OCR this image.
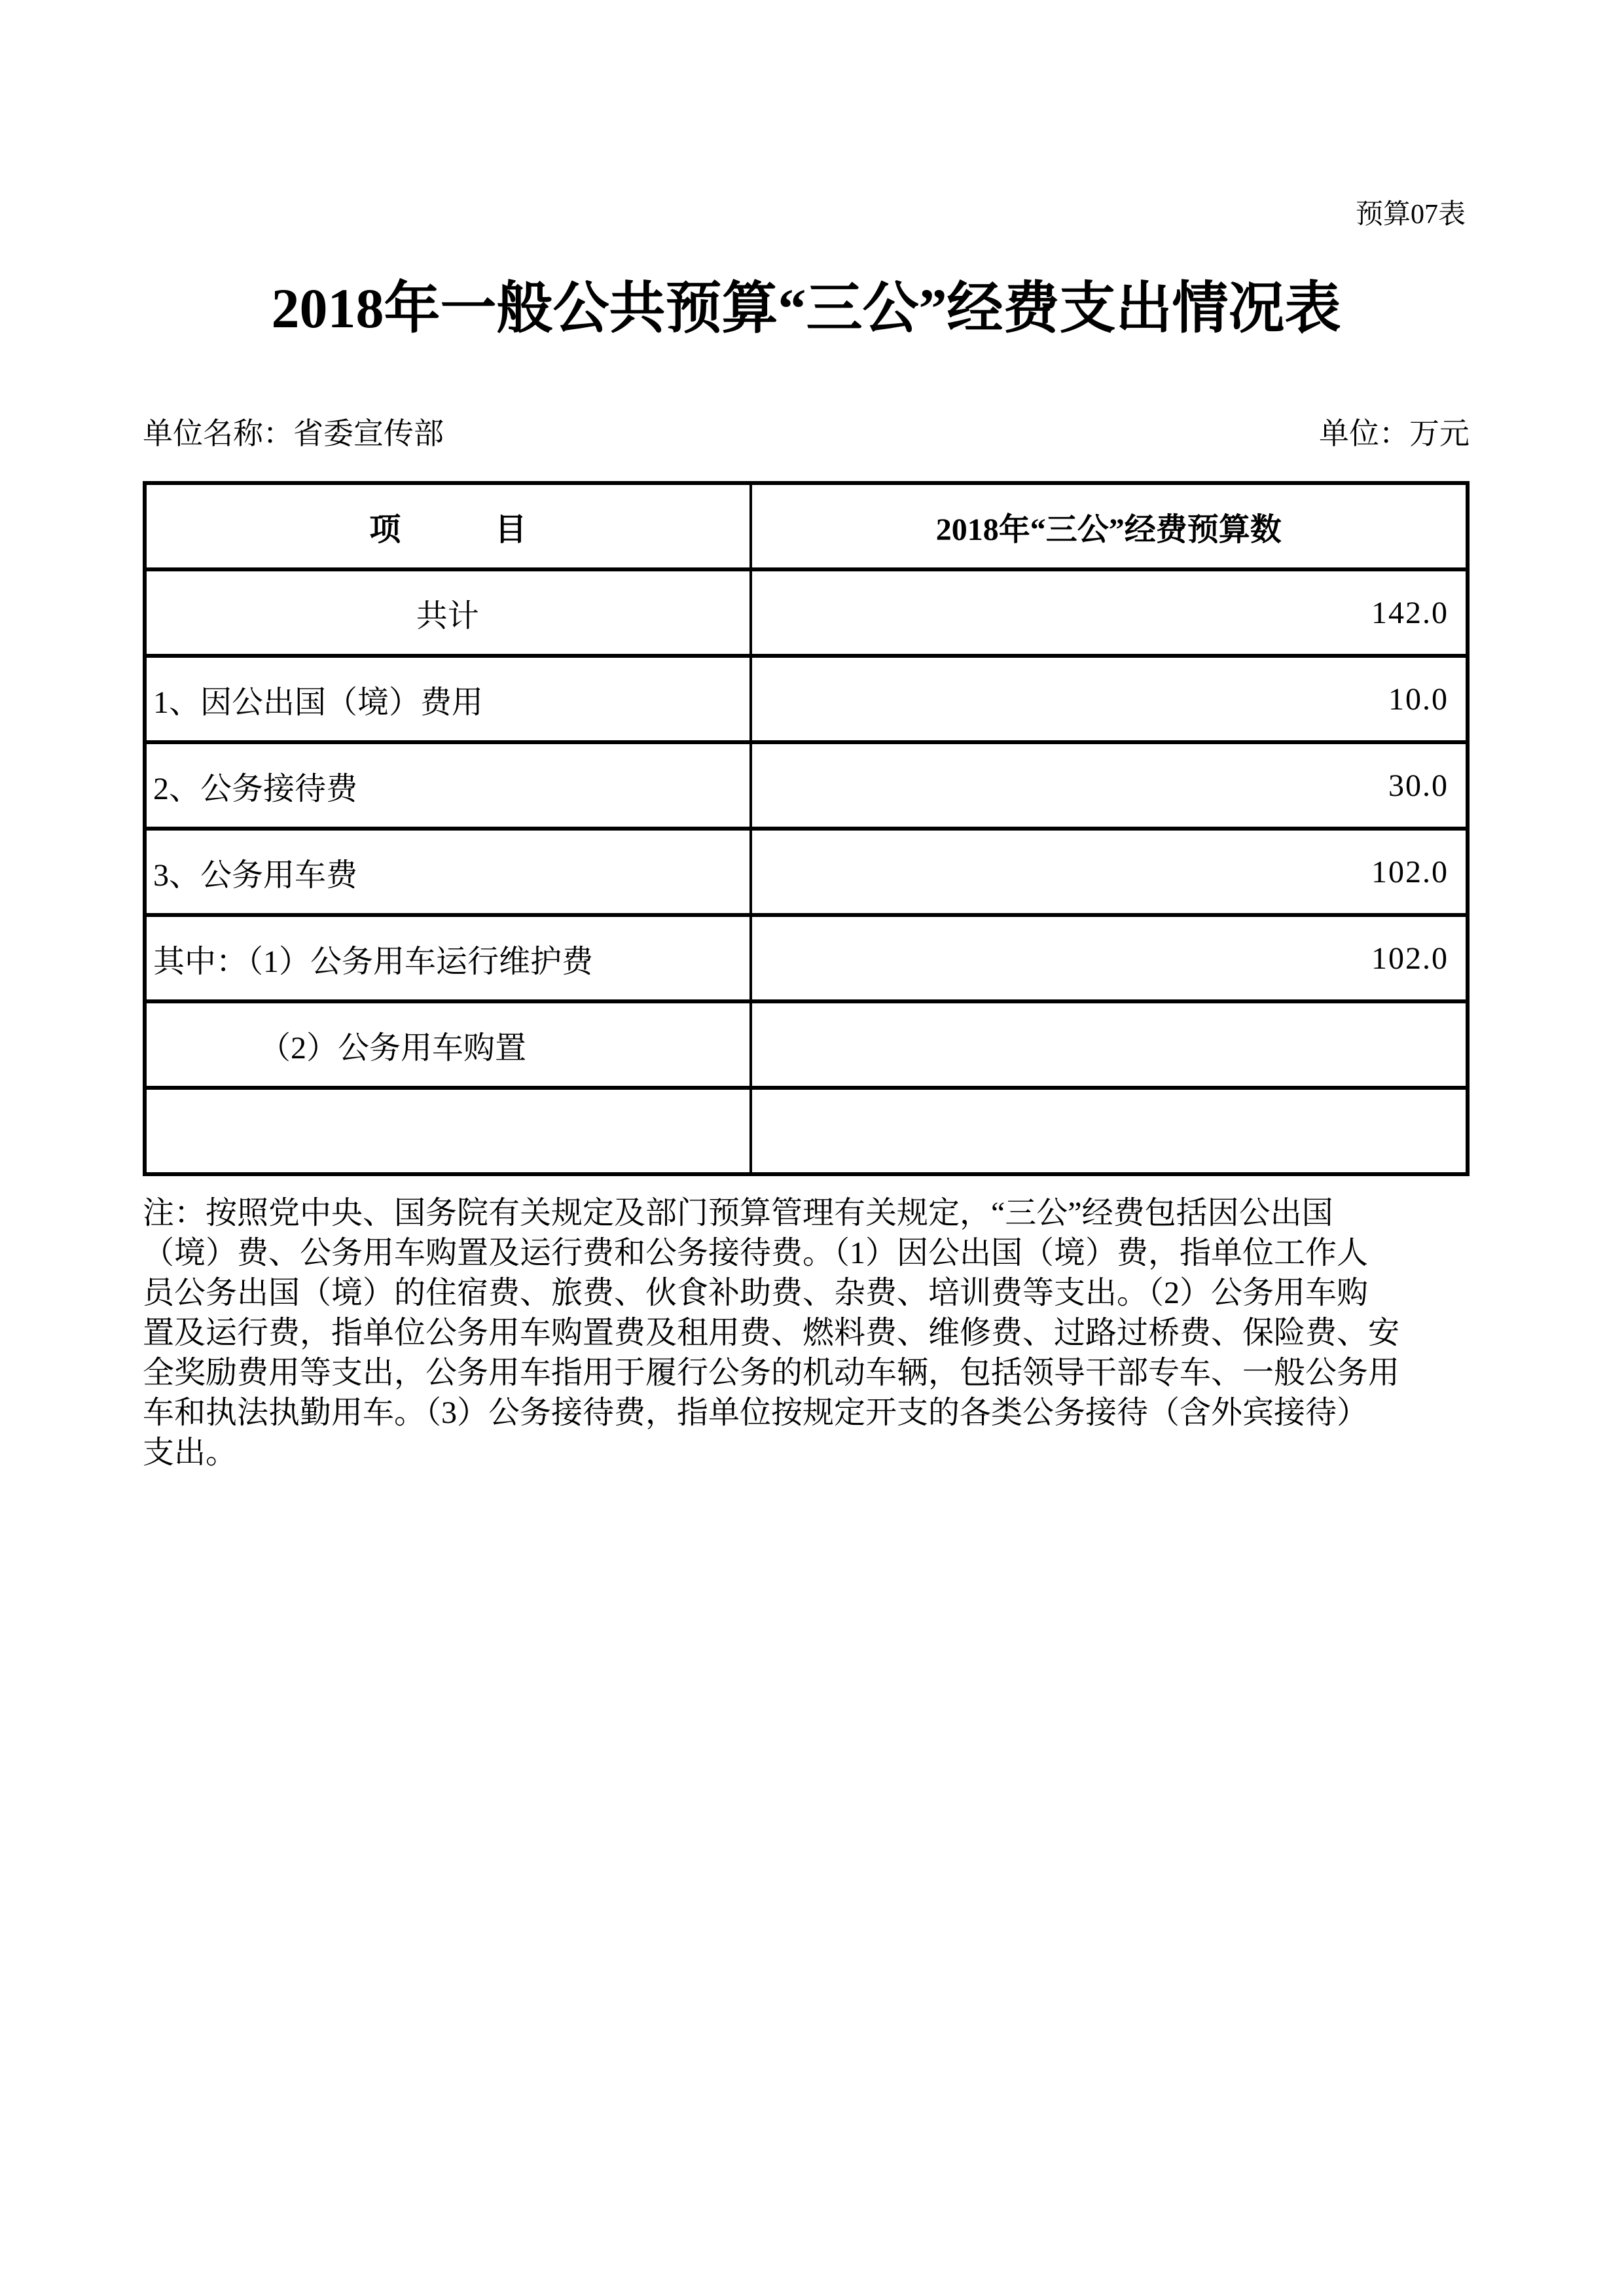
预算07表
2018年一般公共预算“三公”经费支出情况表
单位名称：省委宣传部	单位：万元
项　　　目	2018年“三公”经费预算数
共计	142.0
1、因公出国（境）费用	10.0
2、公务接待费	30.0
3、公务用车费	102.0
其中：（1）公务用车运行维护费	102.0
（2）公务用车购置	

注：按照党中央、国务院有关规定及部门预算管理有关规定，“三公”经费包括因公出国
（境）费、公务用车购置及运行费和公务接待费。（1）因公出国（境）费，指单位工作人
员公务出国（境）的住宿费、旅费、伙食补助费、杂费、培训费等支出。（2）公务用车购
置及运行费，指单位公务用车购置费及租用费、燃料费、维修费、过路过桥费、保险费、安
全奖励费用等支出，公务用车指用于履行公务的机动车辆，包括领导干部专车、一般公务用
车和执法执勤用车。（3）公务接待费，指单位按规定开支的各类公务接待（含外宾接待）
支出。
